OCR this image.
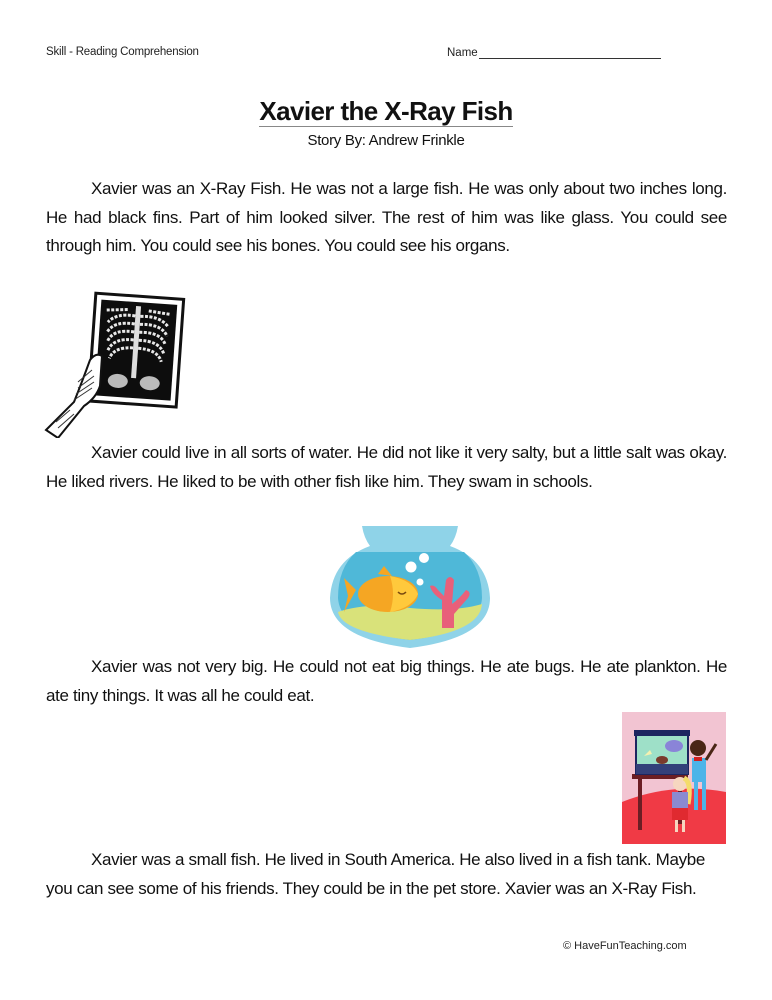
Skill - Reading Comprehension	Name
Xavier the X-Ray Fish
Story By: Andrew Frinkle

Xavier was an X-Ray Fish. He was not a large fish. He was only about two inches long. He had black fins. Part of him looked silver. The rest of him was like glass. You could see through him. You could see his bones. You could see his organs.

Xavier could live in all sorts of water. He did not like it very salty, but a little salt was okay. He liked rivers. He liked to be with other fish like him. They swam in schools.

Xavier was not very big. He could not eat big things. He ate bugs. He ate plankton. He ate tiny things. It was all he could eat.

Xavier was a small fish. He lived in South America. He also lived in a fish tank. Maybe you can see some of his friends. They could be in the pet store. Xavier was an X-Ray Fish.

© HaveFunTeaching.com
